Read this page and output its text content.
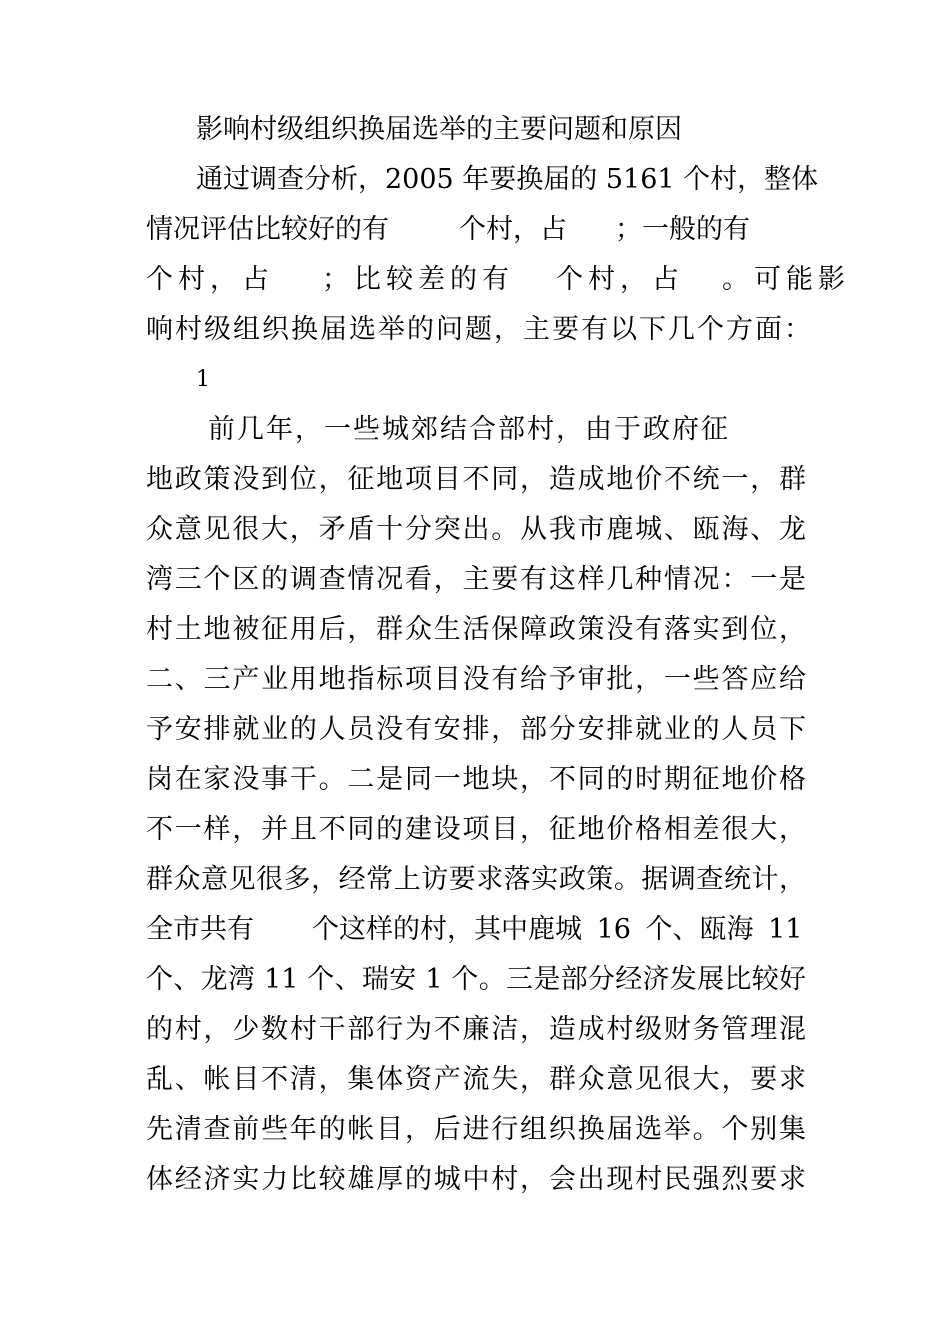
影响村级组织换届选举的主要问题和原因
通过调查分析，2005 年要换届的 5161 个村，整体
情况评估比较好的有	个村，占 ；一般的有
个村，占 ；比较差的有 个村，占 。可能影
响村级组织换届选举的问题，主要有以下几个方面：
1
前几年，一些城郊结合部村，由于政府征
地政策没到位，征地项目不同，造成地价不统一，群
众意见很大，矛盾十分突出。从我市鹿城、瓯海、龙
湾三个区的调查情况看，主要有这样几种情况：一是
村土地被征用后，群众生活保障政策没有落实到位，
二、三产业用地指标项目没有给予审批，一些答应给
予安排就业的人员没有安排，部分安排就业的人员下
岗在家没事干。二是同一地块，不同的时期征地价格
不一样，并且不同的建设项目，征地价格相差很大，
群众意见很多，经常上访要求落实政策。据调查统计，
全市共有 个这样的村，其中鹿城 16 个、瓯海 11
个、龙湾 11 个、瑞安 1 个。三是部分经济发展比较好
的村，少数村干部行为不廉洁，造成村级财务管理混
乱、帐目不清，集体资产流失，群众意见很大，要求
先清查前些年的帐目，后进行组织换届选举。个别集
体经济实力比较雄厚的城中村，会出现村民强烈要求
